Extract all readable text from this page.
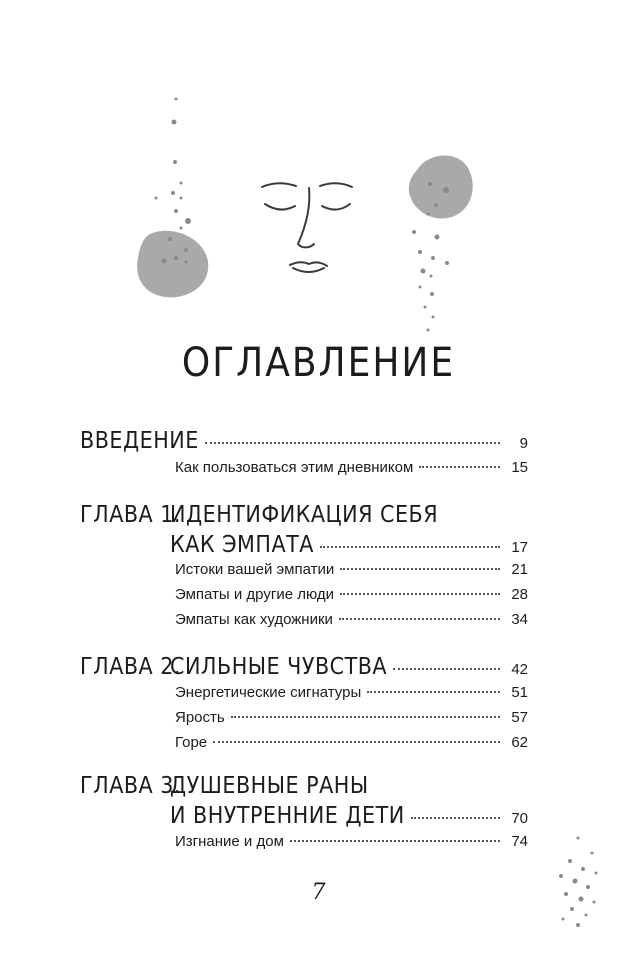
ОГЛАВЛЕНИЕ
ВВЕДЕНИЕ	9
Как пользоваться этим дневником	15
ГЛАВА 1.
ИДЕНТИФИКАЦИЯ СЕБЯ
КАК ЭМПАТА	17
Истоки вашей эмпатии	21
Эмпаты и другие люди	28
Эмпаты как художники	34
ГЛАВА 2.
СИЛЬНЫЕ ЧУВСТВА	42
Энергетические сигнатуры	51
Ярость	57
Горе	62
ГЛАВА 3.
ДУШЕВНЫЕ РАНЫ
И ВНУТРЕННИЕ ДЕТИ	70
Изгнание и дом	74
7
